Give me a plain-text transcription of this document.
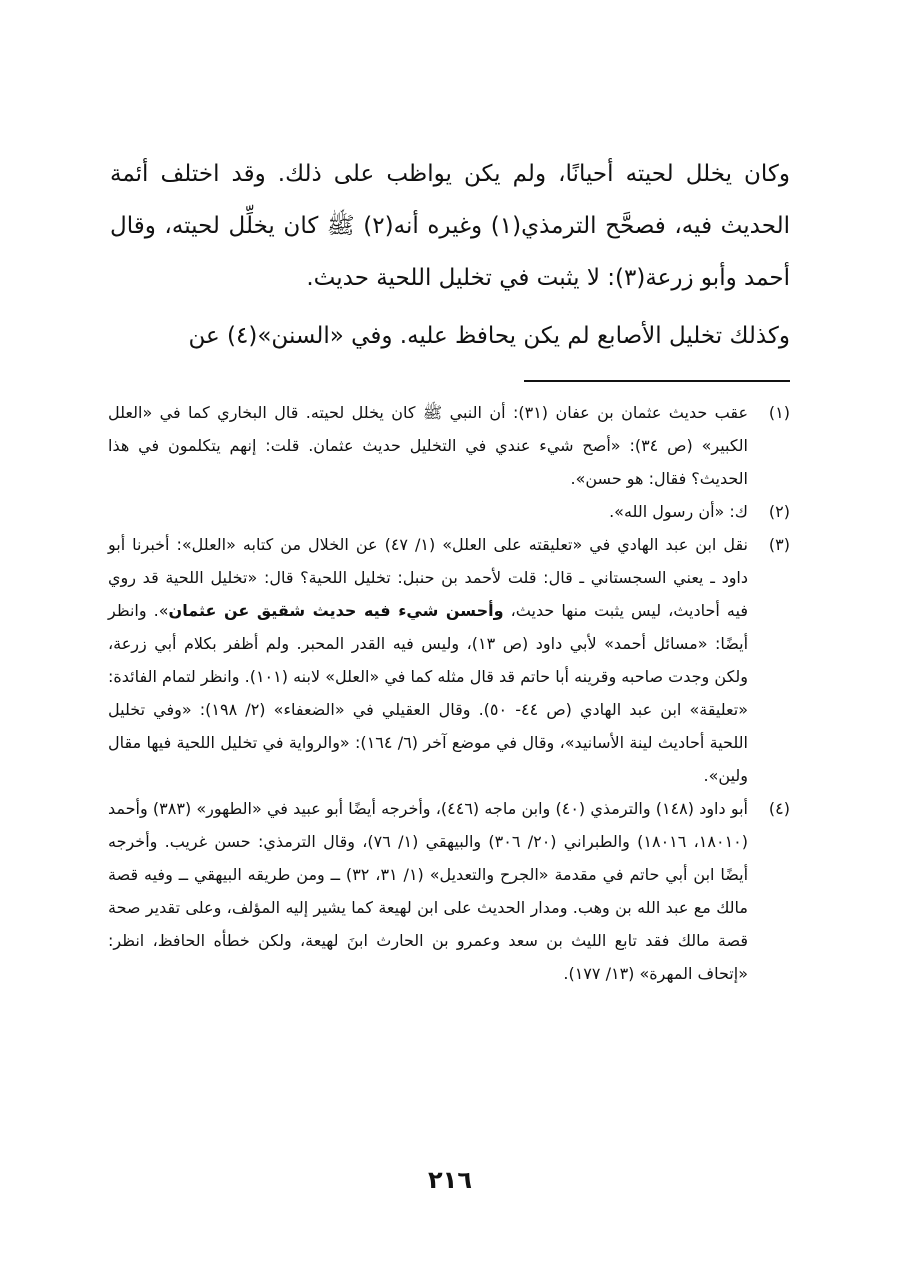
وكان يخلل لحيته أحيانًا، ولم يكن يواظب على ذلك. وقد اختلف أئمة الحديث فيه، فصحَّح الترمذي(١) وغيره أنه(٢) ﷺ كان يخلِّل لحيته، وقال أحمد وأبو زرعة(٣): لا يثبت في تخليل اللحية حديث.

وكذلك تخليل الأصابع لم يكن يحافظ عليه. وفي «السنن»(٤) عن

(١)
عقب حديث عثمان بن عفان (٣١): أن النبي ﷺ كان يخلل لحيته. قال البخاري كما في «العلل الكبير» (ص ٣٤): «أصح شيء عندي في التخليل حديث عثمان. قلت: إنهم يتكلمون في هذا الحديث؟ فقال: هو حسن».

(٢)
ك: «أن رسول الله».

(٣)
نقل ابن عبد الهادي في «تعليقته على العلل» (١/ ٤٧) عن الخلال من كتابه «العلل»: أخبرنا أبو داود ـ يعني السجستاني ـ قال: قلت لأحمد بن حنبل: تخليل اللحية؟ قال: «تخليل اللحية قد روي فيه أحاديث، ليس يثبت منها حديث، وأحسن شيء فيه حديث شقيق عن عثمان». وانظر أيضًا: «مسائل أحمد» لأبي داود (ص ١٣)، وليس فيه القدر المحبر. ولم أظفر بكلام أبي زرعة، ولكن وجدت صاحبه وقرينه أبا حاتم قد قال مثله كما في «العلل» لابنه (١٠١). وانظر لتمام الفائدة: «تعليقة» ابن عبد الهادي (ص ٤٤- ٥٠). وقال العقيلي في «الضعفاء» (٢/ ١٩٨): «وفي تخليل اللحية أحاديث لينة الأسانيد»، وقال في موضع آخر (٦/ ١٦٤): «والرواية في تخليل اللحية فيها مقال ولين».

(٤)
أبو داود (١٤٨) والترمذي (٤٠) وابن ماجه (٤٤٦)، وأخرجه أيضًا أبو عبيد في «الطهور» (٣٨٣) وأحمد (١٨٠١٠، ١٨٠١٦) والطبراني (٢٠/ ٣٠٦) والبيهقي (١/ ٧٦)، وقال الترمذي: حسن غريب. وأخرجه أيضًا ابن أبي حاتم في مقدمة «الجرح والتعديل» (١/ ٣١، ٣٢) ــ ومن طريقه البيهقي ــ وفيه قصة مالك مع عبد الله بن وهب. ومدار الحديث على ابن لهيعة كما يشير إليه المؤلف، وعلى تقدير صحة قصة مالك فقد تابع الليث بن سعد وعمرو بن الحارث ابنَ لهيعة، ولكن خطأه الحافظ، انظر: «إتحاف المهرة» (١٣/ ١٧٧).

٢١٦
